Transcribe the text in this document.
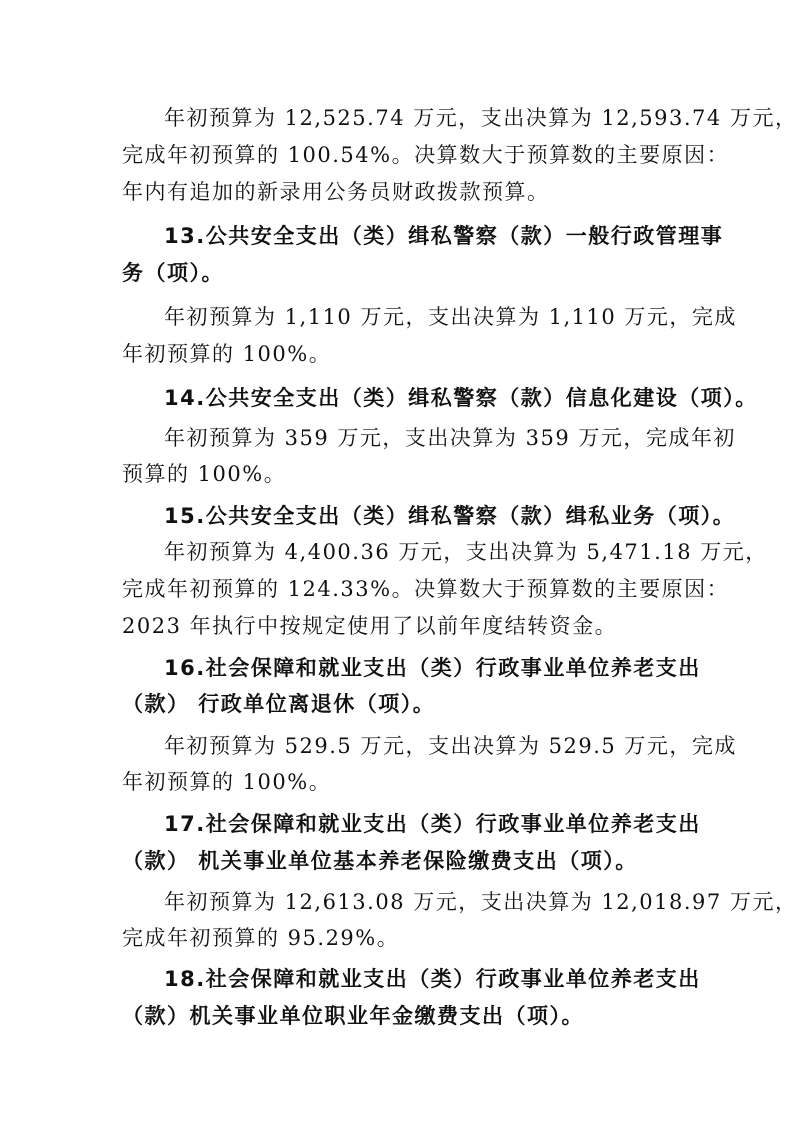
年初预算为 12,525.74 万元，支出决算为 12,593.74 万元，
完成年初预算的 100.54%。决算数大于预算数的主要原因：
年内有追加的新录用公务员财政拨款预算。
13.公共安全支出（类）缉私警察（款）一般行政管理事
务（项）。
年初预算为 1,110 万元，支出决算为 1,110 万元，完成
年初预算的 100%。
14.公共安全支出（类）缉私警察（款）信息化建设（项）。
年初预算为 359 万元，支出决算为 359 万元，完成年初
预算的 100%。
15.公共安全支出（类）缉私警察（款）缉私业务（项）。
年初预算为 4,400.36 万元，支出决算为 5,471.18 万元，
完成年初预算的 124.33%。决算数大于预算数的主要原因：
2023 年执行中按规定使用了以前年度结转资金。
16.社会保障和就业支出（类）行政事业单位养老支出
（款） 行政单位离退休（项）。
年初预算为 529.5 万元，支出决算为 529.5 万元，完成
年初预算的 100%。
17.社会保障和就业支出（类）行政事业单位养老支出
（款） 机关事业单位基本养老保险缴费支出（项）。
年初预算为 12,613.08 万元，支出决算为 12,018.97 万元，
完成年初预算的 95.29%。
18.社会保障和就业支出（类）行政事业单位养老支出
（款）机关事业单位职业年金缴费支出（项）。
